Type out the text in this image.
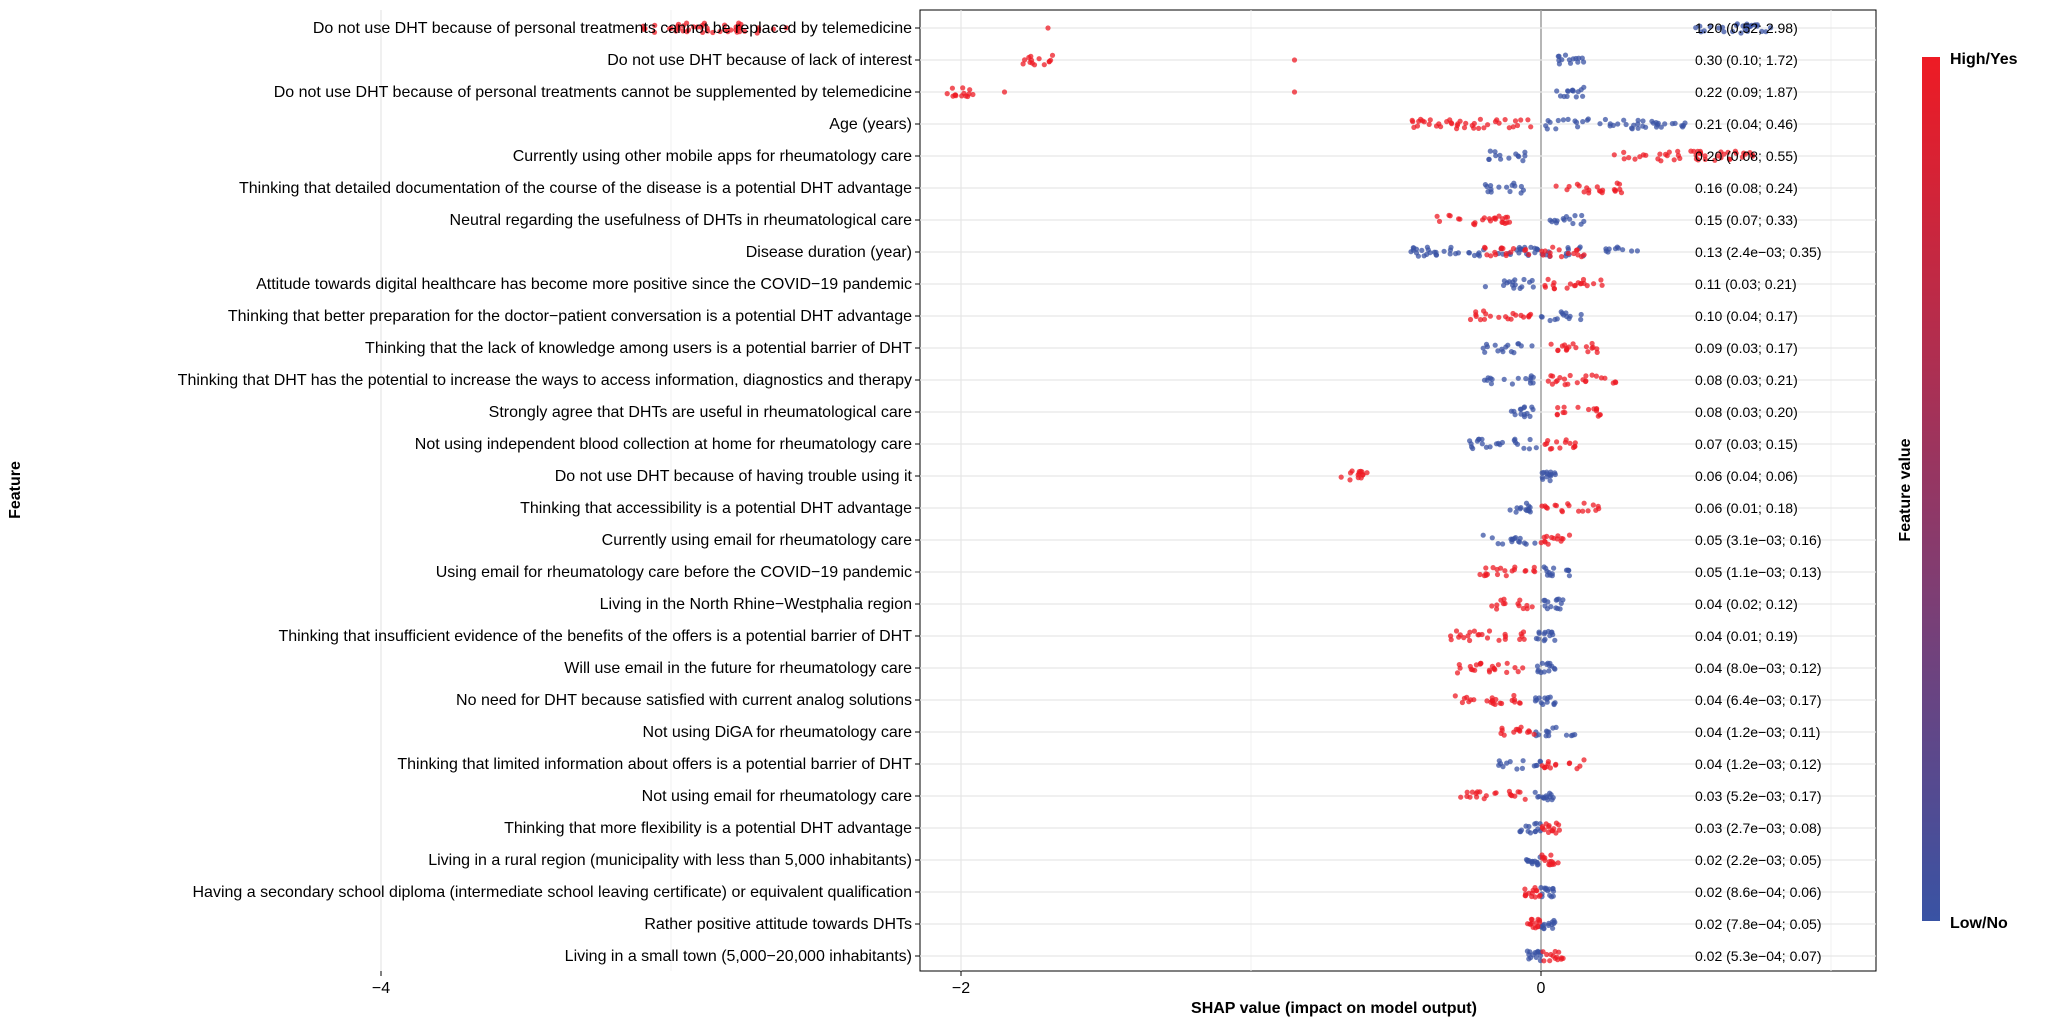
Do not use DHT because of personal treatments cannot be replaced by telemedicine
Do not use DHT because of lack of interest
Do not use DHT because of personal treatments cannot be supplemented by telemedicine
Age (years)
Currently using other mobile apps for rheumatology care
Thinking that detailed documentation of the course of the disease is a potential DHT advantage
Neutral regarding the usefulness of DHTs in rheumatological care
Disease duration (year)
Attitude towards digital healthcare has become more positive since the COVID−19 pandemic
Thinking that better preparation for the doctor−patient conversation is a potential DHT advantage
Thinking that the lack of knowledge among users is a potential barrier of DHT
Thinking that DHT has the potential to increase the ways to access information, diagnostics and therapy
Strongly agree that DHTs are useful in rheumatological care
Not using independent blood collection at home for rheumatology care
Do not use DHT because of having trouble using it
Thinking that accessibility is a potential DHT advantage
Currently using email for rheumatology care
Using email for rheumatology care before the COVID−19 pandemic
Living in the North Rhine−Westphalia region
Thinking that insufficient evidence of the benefits of the offers is a potential barrier of DHT
Will use email in the future for rheumatology care
No need for DHT because satisfied with current analog solutions
Not using DiGA for rheumatology care
Thinking that limited information about offers is a potential barrier of DHT
Not using email for rheumatology care
Thinking that more flexibility is a potential DHT advantage
Living in a rural region (municipality with less than 5,000 inhabitants)
Having a secondary school diploma (intermediate school leaving certificate) or equivalent qualification
Rather positive attitude towards DHTs
Living in a small town (5,000−20,000 inhabitants)
1.20 (0.52; 2.98)
0.30 (0.10; 1.72)
0.22 (0.09; 1.87)
0.21 (0.04; 0.46)
0.20 (0.08; 0.55)
0.16 (0.08; 0.24)
0.15 (0.07; 0.33)
0.13 (2.4e−03; 0.35)
0.11 (0.03; 0.21)
0.10 (0.04; 0.17)
0.09 (0.03; 0.17)
0.08 (0.03; 0.21)
0.08 (0.03; 0.20)
0.07 (0.03; 0.15)
0.06 (0.04; 0.06)
0.06 (0.01; 0.18)
0.05 (3.1e−03; 0.16)
0.05 (1.1e−03; 0.13)
0.04 (0.02; 0.12)
0.04 (0.01; 0.19)
0.04 (8.0e−03; 0.12)
0.04 (6.4e−03; 0.17)
0.04 (1.2e−03; 0.11)
0.04 (1.2e−03; 0.12)
0.03 (5.2e−03; 0.17)
0.03 (2.7e−03; 0.08)
0.02 (2.2e−03; 0.05)
0.02 (8.6e−04; 0.06)
0.02 (7.8e−04; 0.05)
0.02 (5.3e−04; 0.07)
−4	−2	0
SHAP value (impact on model output)
Feature
High/Yes
Low/No
Feature value
